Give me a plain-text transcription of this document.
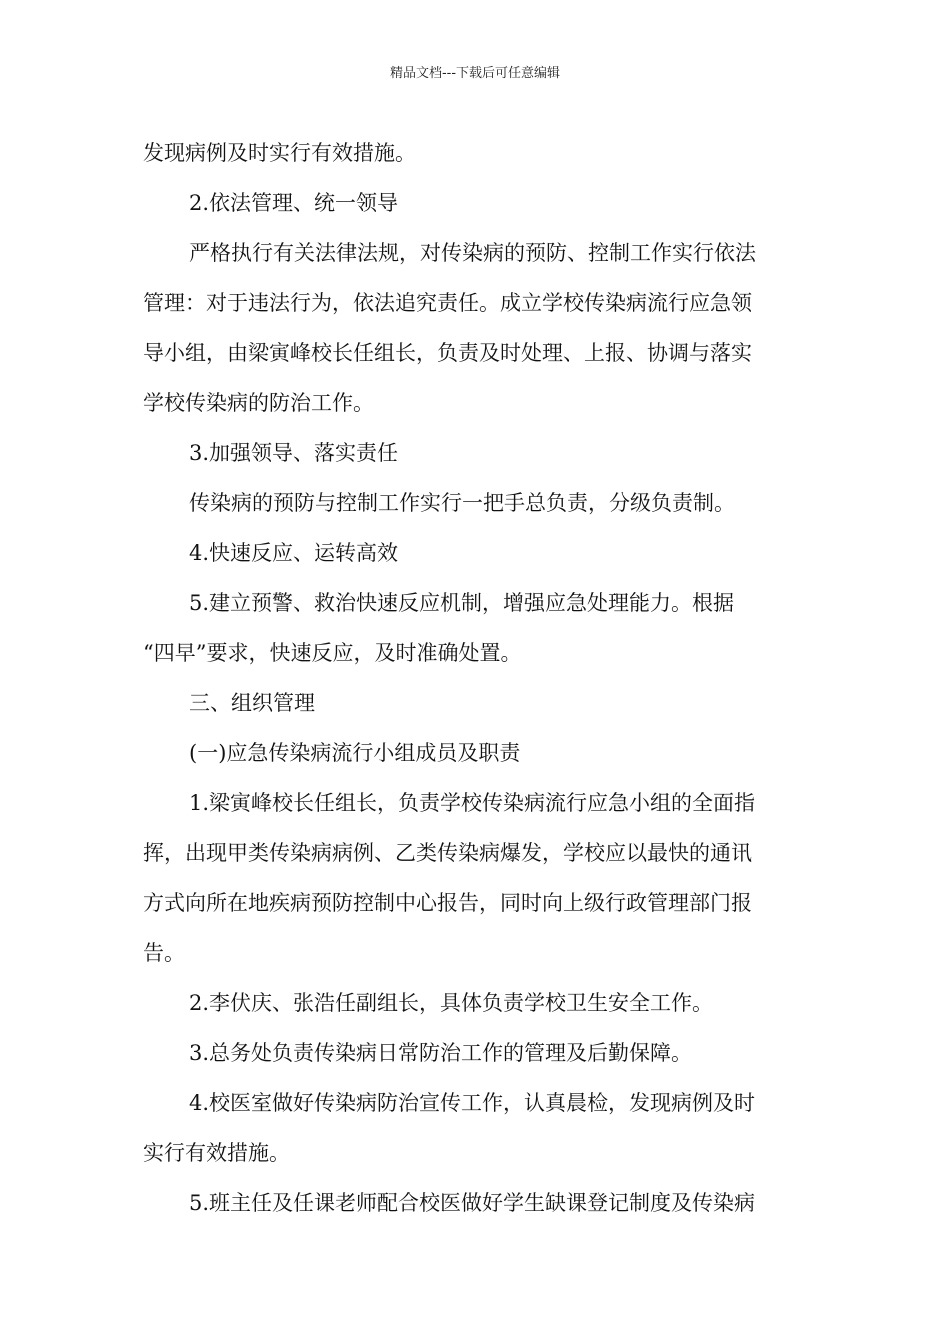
精品文档---下载后可任意编辑

发现病例及时实行有效措施。

2.依法管理、统一领导

严格执行有关法律法规，对传染病的预防、控制工作实行依法

管理：对于违法行为，依法追究责任。成立学校传染病流行应急领

导小组，由梁寅峰校长任组长，负责及时处理、上报、协调与落实

学校传染病的防治工作。

3.加强领导、落实责任

传染病的预防与控制工作实行一把手总负责，分级负责制。

4.快速反应、运转高效

5.建立预警、救治快速反应机制，增强应急处理能力。根据

“四早”要求，快速反应，及时准确处置。

三、组织管理

(一)应急传染病流行小组成员及职责

1.梁寅峰校长任组长，负责学校传染病流行应急小组的全面指

挥，出现甲类传染病病例、乙类传染病爆发，学校应以最快的通讯

方式向所在地疾病预防控制中心报告，同时向上级行政管理部门报

告。

2.李伏庆、张浩任副组长，具体负责学校卫生安全工作。

3.总务处负责传染病日常防治工作的管理及后勤保障。

4.校医室做好传染病防治宣传工作，认真晨检，发现病例及时

实行有效措施。

5.班主任及任课老师配合校医做好学生缺课登记制度及传染病
